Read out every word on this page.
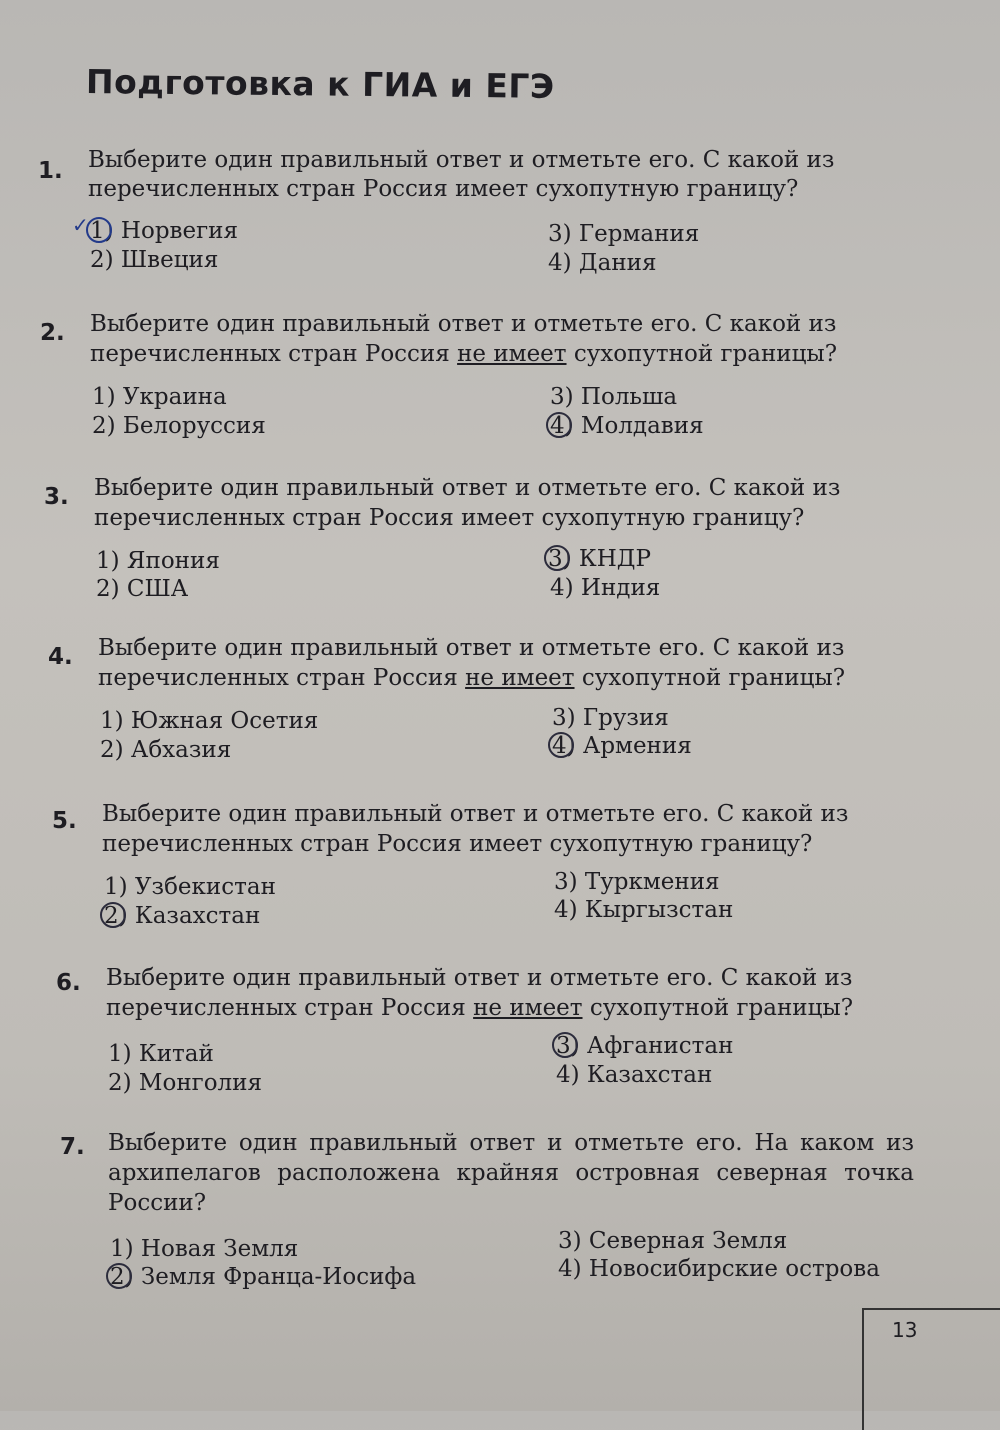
Подготовка к ГИА и ЕГЭ
1. Выберите один правильный ответ и отметьте его. С какой из

перечисленных стран Россия имеет сухопутную границу?

✓ 1) Норвегия
2) Швеция
3) Германия
4) Дания
2. Выберите один правильный ответ и отметьте его. С какой из

перечисленных стран Россия не имеет сухопутной границы?

1) Украина
2) Белоруссия
3) Польша
4) Молдавия
3. Выберите один правильный ответ и отметьте его. С какой из

перечисленных стран Россия имеет сухопутную границу?

1) Япония
2) США
3) КНДР
4) Индия
4. Выберите один правильный ответ и отметьте его. С какой из

перечисленных стран Россия не имеет сухопутной границы?

1) Южная Осетия
2) Абхазия
3) Грузия
4) Армения
5. Выберите один правильный ответ и отметьте его. С какой из

перечисленных стран Россия имеет сухопутную границу?

1) Узбекистан
2) Казахстан
3) Туркмения
4) Кыргызстан
6. Выберите один правильный ответ и отметьте его. С какой из

перечисленных стран Россия не имеет сухопутной границы?

1) Китай
2) Монголия
3) Афганистан
4) Казахстан
7. Выберите один правильный ответ и отметьте его. На каком из архипелагов расположена крайняя островная северная точка России?

1) Новая Земля
2) Земля Франца-Иосифа
3) Северная Земля
4) Новосибирские острова
13
